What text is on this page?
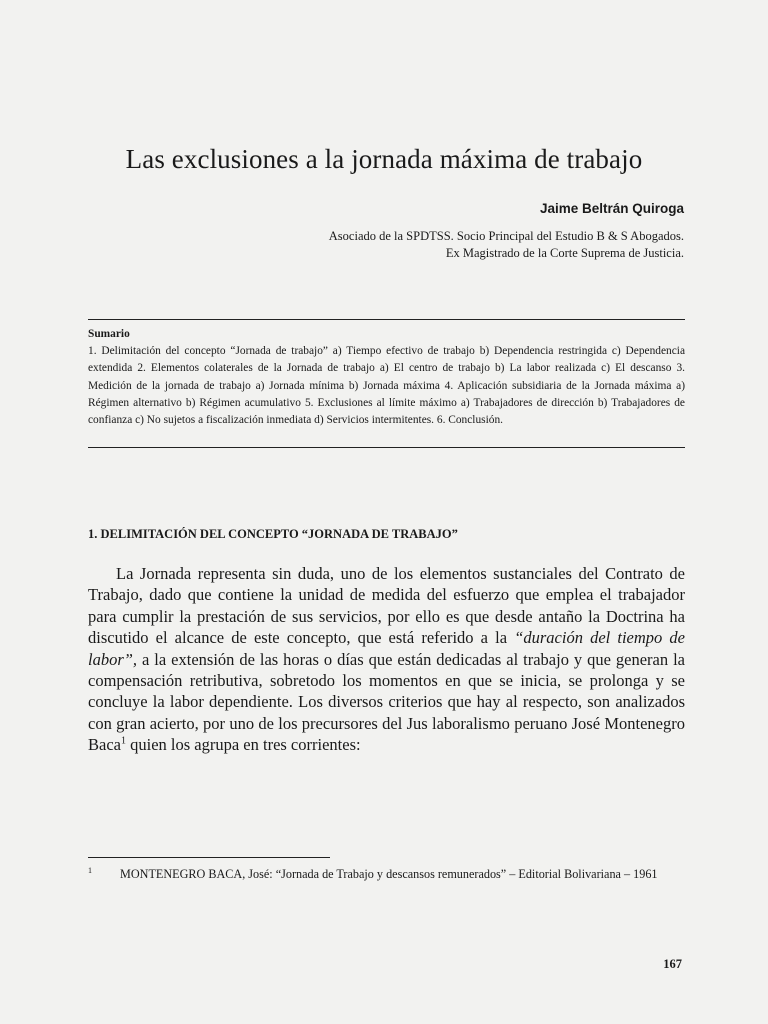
Las exclusiones a la jornada máxima de trabajo
Jaime Beltrán Quiroga
Asociado de la SPDTSS. Socio Principal del Estudio B & S Abogados.
Ex Magistrado de la Corte Suprema de Justicia.
Sumario
1. Delimitación del concepto “Jornada de trabajo” a) Tiempo efectivo de trabajo b) Dependencia restringida c) Dependencia extendida 2. Elementos colaterales de la Jornada de trabajo a) El centro de trabajo b) La labor realizada c) El descanso 3. Medición de la jornada de trabajo a) Jornada mínima b) Jornada máxima 4. Aplicación subsidiaria de la Jornada máxima a) Régimen alternativo b) Régimen acumulativo 5. Exclusiones al límite máximo a) Trabajadores de dirección b) Trabajadores de confianza c) No sujetos a fiscalización inmediata d) Servicios intermitentes. 6. Conclusión.
1. DELIMITACIÓN DEL CONCEPTO “JORNADA DE TRABAJO”

La Jornada representa sin duda, uno de los elementos sustanciales del Contrato de Trabajo, dado que contiene la unidad de medida del esfuerzo que emplea el trabajador para cumplir la prestación de sus servicios, por ello es que desde antaño la Doctrina ha discutido el alcance de este concepto, que está referido a la “duración del tiempo de labor”, a la extensión de las horas o días que están dedicadas al trabajo y que generan la compensación retributiva, sobretodo los momentos en que se inicia, se prolonga y se concluye la labor dependiente. Los diversos criterios que hay al respecto, son analizados con gran acierto, por uno de los precursores del Jus laboralismo peruano José Montenegro Baca$^1$ quien los agrupa en tres corrientes:

1	MONTENEGRO BACA, José: “Jornada de Trabajo y descansos remunerados” – Editorial Bolivariana – 1961
167
